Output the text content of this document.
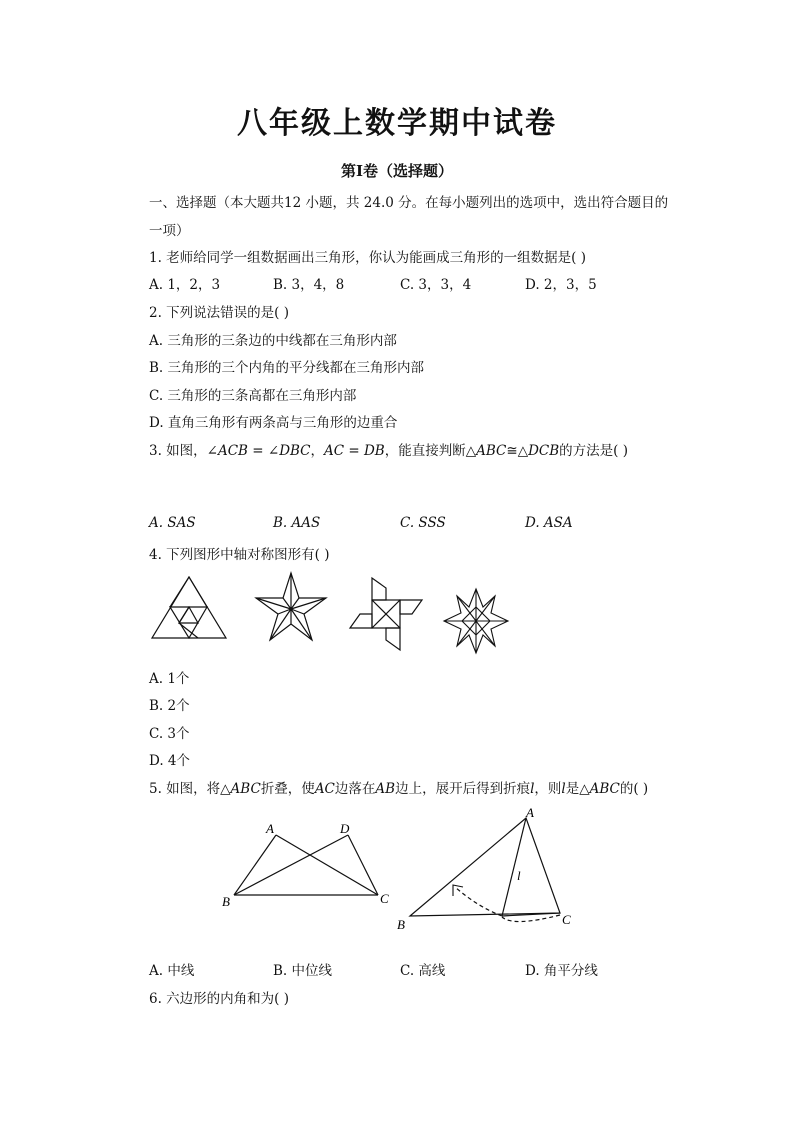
八年级上数学期中试卷
第I卷（选择题）
一、选择题（本大题共12 小题，共 24.0 分。在每小题列出的选项中，选出符合题目的
一项）
1. 老师给同学一组数据画出三角形，你认为能画成三角形的一组数据是( )
A. 1，2，3	B. 3，4，8	C. 3，3，4	D. 2，3，5
2. 下列说法错误的是( )
A. 三角形的三条边的中线都在三角形内部
B. 三角形的三个内角的平分线都在三角形内部
C. 三角形的三条高都在三角形内部
D. 直角三角形有两条高与三角形的边重合
3. 如图，∠ACB = ∠DBC，AC = DB，能直接判断△ABC≅△DCB的方法是( )
A. SAS	B. AAS	C. SSS	D. ASA
4. 下列图形中轴对称图形有( )
A. 1个
B. 2个
C. 3个
D. 4个
5. 如图，将△ABC折叠，使AC边落在AB边上，展开后得到折痕l，则l是△ABC的( )
A	D
B	C
A
B	C
l
A. 中线	B. 中位线	C. 高线	D. 角平分线
6. 六边形的内角和为( )
